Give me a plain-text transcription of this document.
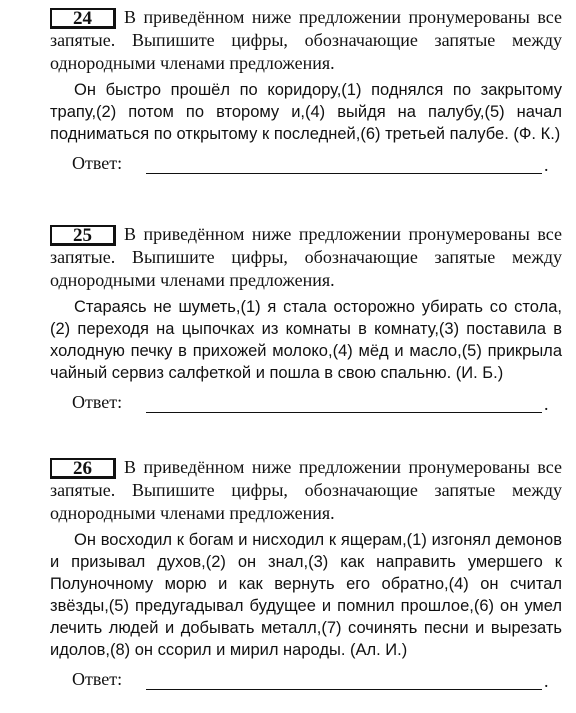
24	В приведённом ниже предложении пронумерованы все запятые. Выпишите цифры, обозначающие запятые между однородными членами предложения.
Он быстро прошёл по коридору,(1) поднялся по закрытому трапу,(2) потом по второму и,(4) выйдя на палубу,(5) начал подниматься по открытому к последней,(6) третьей палубе. (Ф. К.)
Ответ:	.
25	В приведённом ниже предложении пронумерованы все запятые. Выпишите цифры, обозначающие запятые между однородными членами предложения.
Стараясь не шуметь,(1) я стала осторожно убирать со стола,(2) переходя на цыпочках из комнаты в комнату,(3) поставила в холодную печку в прихожей молоко,(4) мёд и масло,(5) прикрыла чайный сервиз салфеткой и пошла в свою спальню. (И. Б.)
Ответ:	.
26	В приведённом ниже предложении пронумерованы все запятые. Выпишите цифры, обозначающие запятые между однородными членами предложения.
Он восходил к богам и нисходил к ящерам,(1) изгонял демонов и призывал духов,(2) он знал,(3) как направить умершего к Полуночному морю и как вернуть его обратно,(4) он считал звёзды,(5) предугадывал будущее и помнил прошлое,(6) он умел лечить людей и добывать металл,(7) сочинять песни и вырезать идолов,(8) он ссорил и мирил народы. (Ал. И.)
Ответ:	.
